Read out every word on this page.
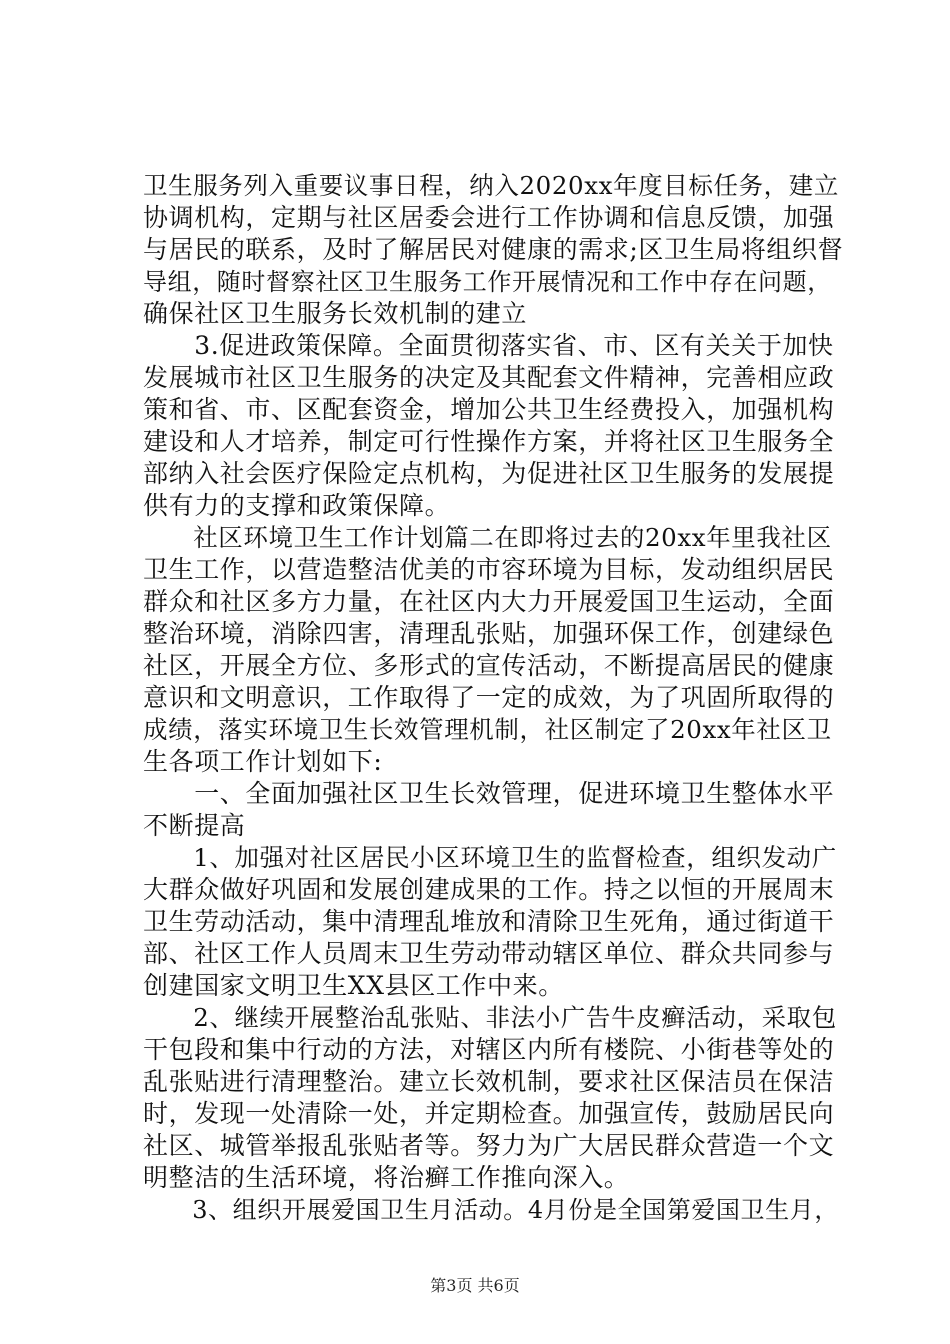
卫生服务列入重要议事日程，纳入2020xx年度目标任务，建立
协调机构，定期与社区居委会进行工作协调和信息反馈，加强
与居民的联系，及时了解居民对健康的需求;区卫生局将组织督
导组，随时督察社区卫生服务工作开展情况和工作中存在问题，
确保社区卫生服务长效机制的建立
　　3.促进政策保障。全面贯彻落实省、市、区有关关于加快
发展城市社区卫生服务的决定及其配套文件精神，完善相应政
策和省、市、区配套资金，增加公共卫生经费投入，加强机构
建设和人才培养，制定可行性操作方案，并将社区卫生服务全
部纳入社会医疗保险定点机构，为促进社区卫生服务的发展提
供有力的支撑和政策保障。
　　社区环境卫生工作计划篇二在即将过去的20xx年里我社区
卫生工作，以营造整洁优美的市容环境为目标，发动组织居民
群众和社区多方力量，在社区内大力开展爱国卫生运动，全面
整治环境，消除四害，清理乱张贴，加强环保工作，创建绿色
社区，开展全方位、多形式的宣传活动，不断提高居民的健康
意识和文明意识，工作取得了一定的成效，为了巩固所取得的
成绩，落实环境卫生长效管理机制，社区制定了20xx年社区卫
生各项工作计划如下:
　　一、全面加强社区卫生长效管理，促进环境卫生整体水平
不断提高
　　1、加强对社区居民小区环境卫生的监督检查，组织发动广
大群众做好巩固和发展创建成果的工作。持之以恒的开展周末
卫生劳动活动，集中清理乱堆放和清除卫生死角，通过街道干
部、社区工作人员周末卫生劳动带动辖区单位、群众共同参与
创建国家文明卫生XX县区工作中来。
　　2、继续开展整治乱张贴、非法小广告牛皮癣活动，采取包
干包段和集中行动的方法，对辖区内所有楼院、小街巷等处的
乱张贴进行清理整治。建立长效机制，要求社区保洁员在保洁
时，发现一处清除一处，并定期检查。加强宣传，鼓励居民向
社区、城管举报乱张贴者等。努力为广大居民群众营造一个文
明整洁的生活环境，将治癣工作推向深入。
　　3、组织开展爱国卫生月活动。4月份是全国第爱国卫生月，
第3页 共6页
